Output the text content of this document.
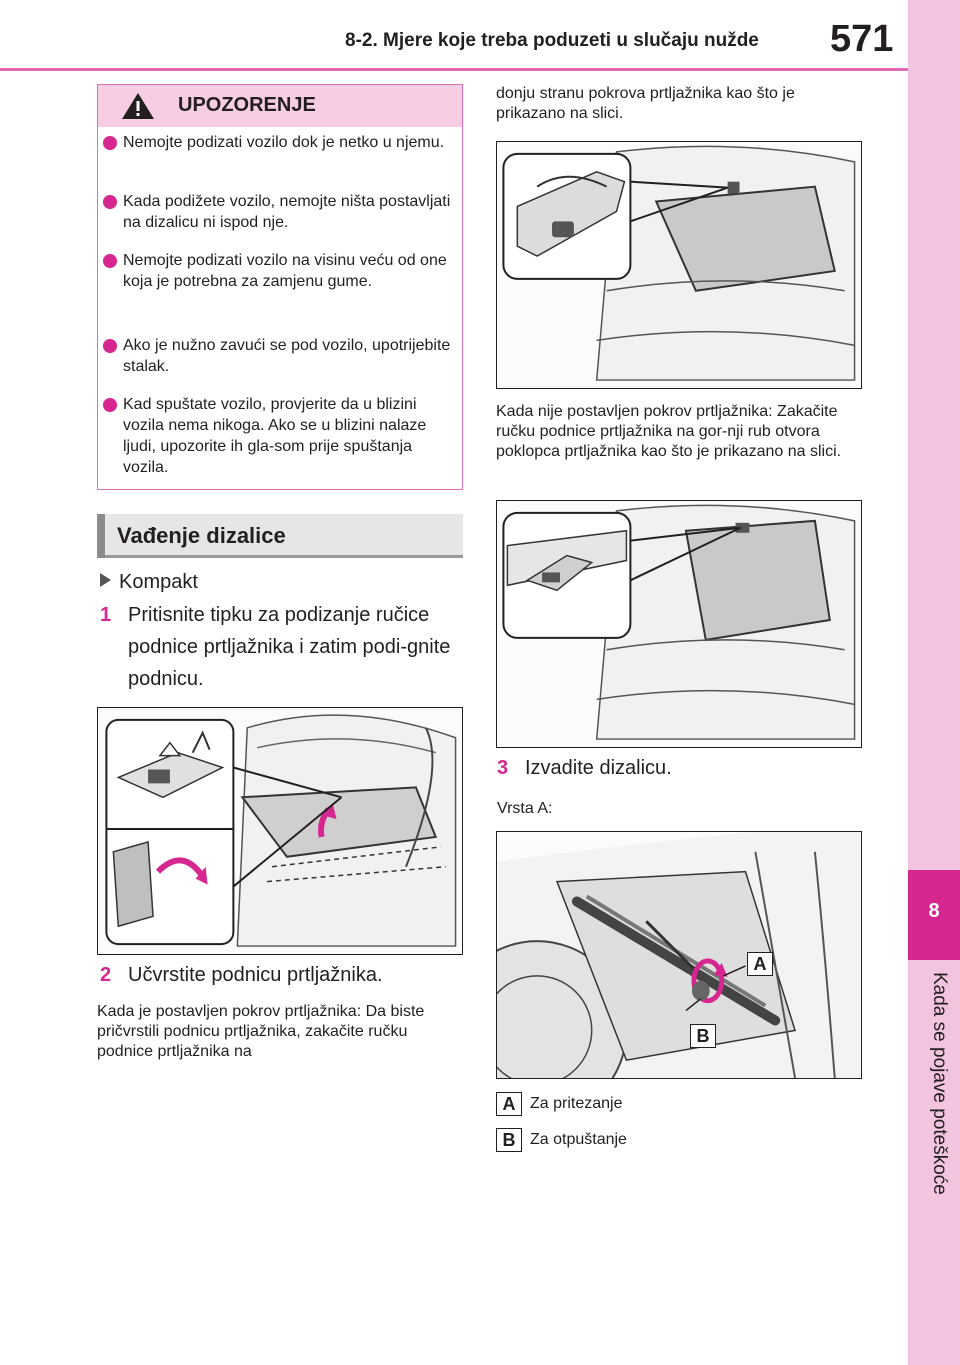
8-2. Mjere koje treba poduzeti u slučaju nužde 571
8
Kada se pojave poteškoće
UPOZORENJE
Nemojte podizati vozilo dok je netko u njemu.
Kada podižete vozilo, nemojte ništa postavljati na dizalicu ni ispod nje.
Nemojte podizati vozilo na visinu veću od one koja je potrebna za zamjenu gume.
Ako je nužno zavući se pod vozilo, upotrijebite stalak.
Kad spuštate vozilo, provjerite da u blizini vozila nema nikoga. Ako se u blizini nalaze ljudi, upozorite ih gla-som prije spuštanja vozila.
Vađenje dizalice
Kompakt
1 Pritisnite tipku za podizanje ručice podnice prtljažnika i zatim podi-gnite podnicu.
2 Učvrstite podnicu prtljažnika.
Kada je postavljen pokrov prtljažnika: Da biste pričvrstili podnicu prtljažnika, zakačite ručku podnice prtljažnika na
donju stranu pokrova prtljažnika kao što je prikazano na slici.
Kada nije postavljen pokrov prtljažnika: Zakačite ručku podnice prtljažnika na gor-nji rub otvora poklopca prtljažnika kao što je prikazano na slici.
3 Izvadite dizalicu.
Vrsta A:
A
B
A Za pritezanje
B Za otpuštanje
